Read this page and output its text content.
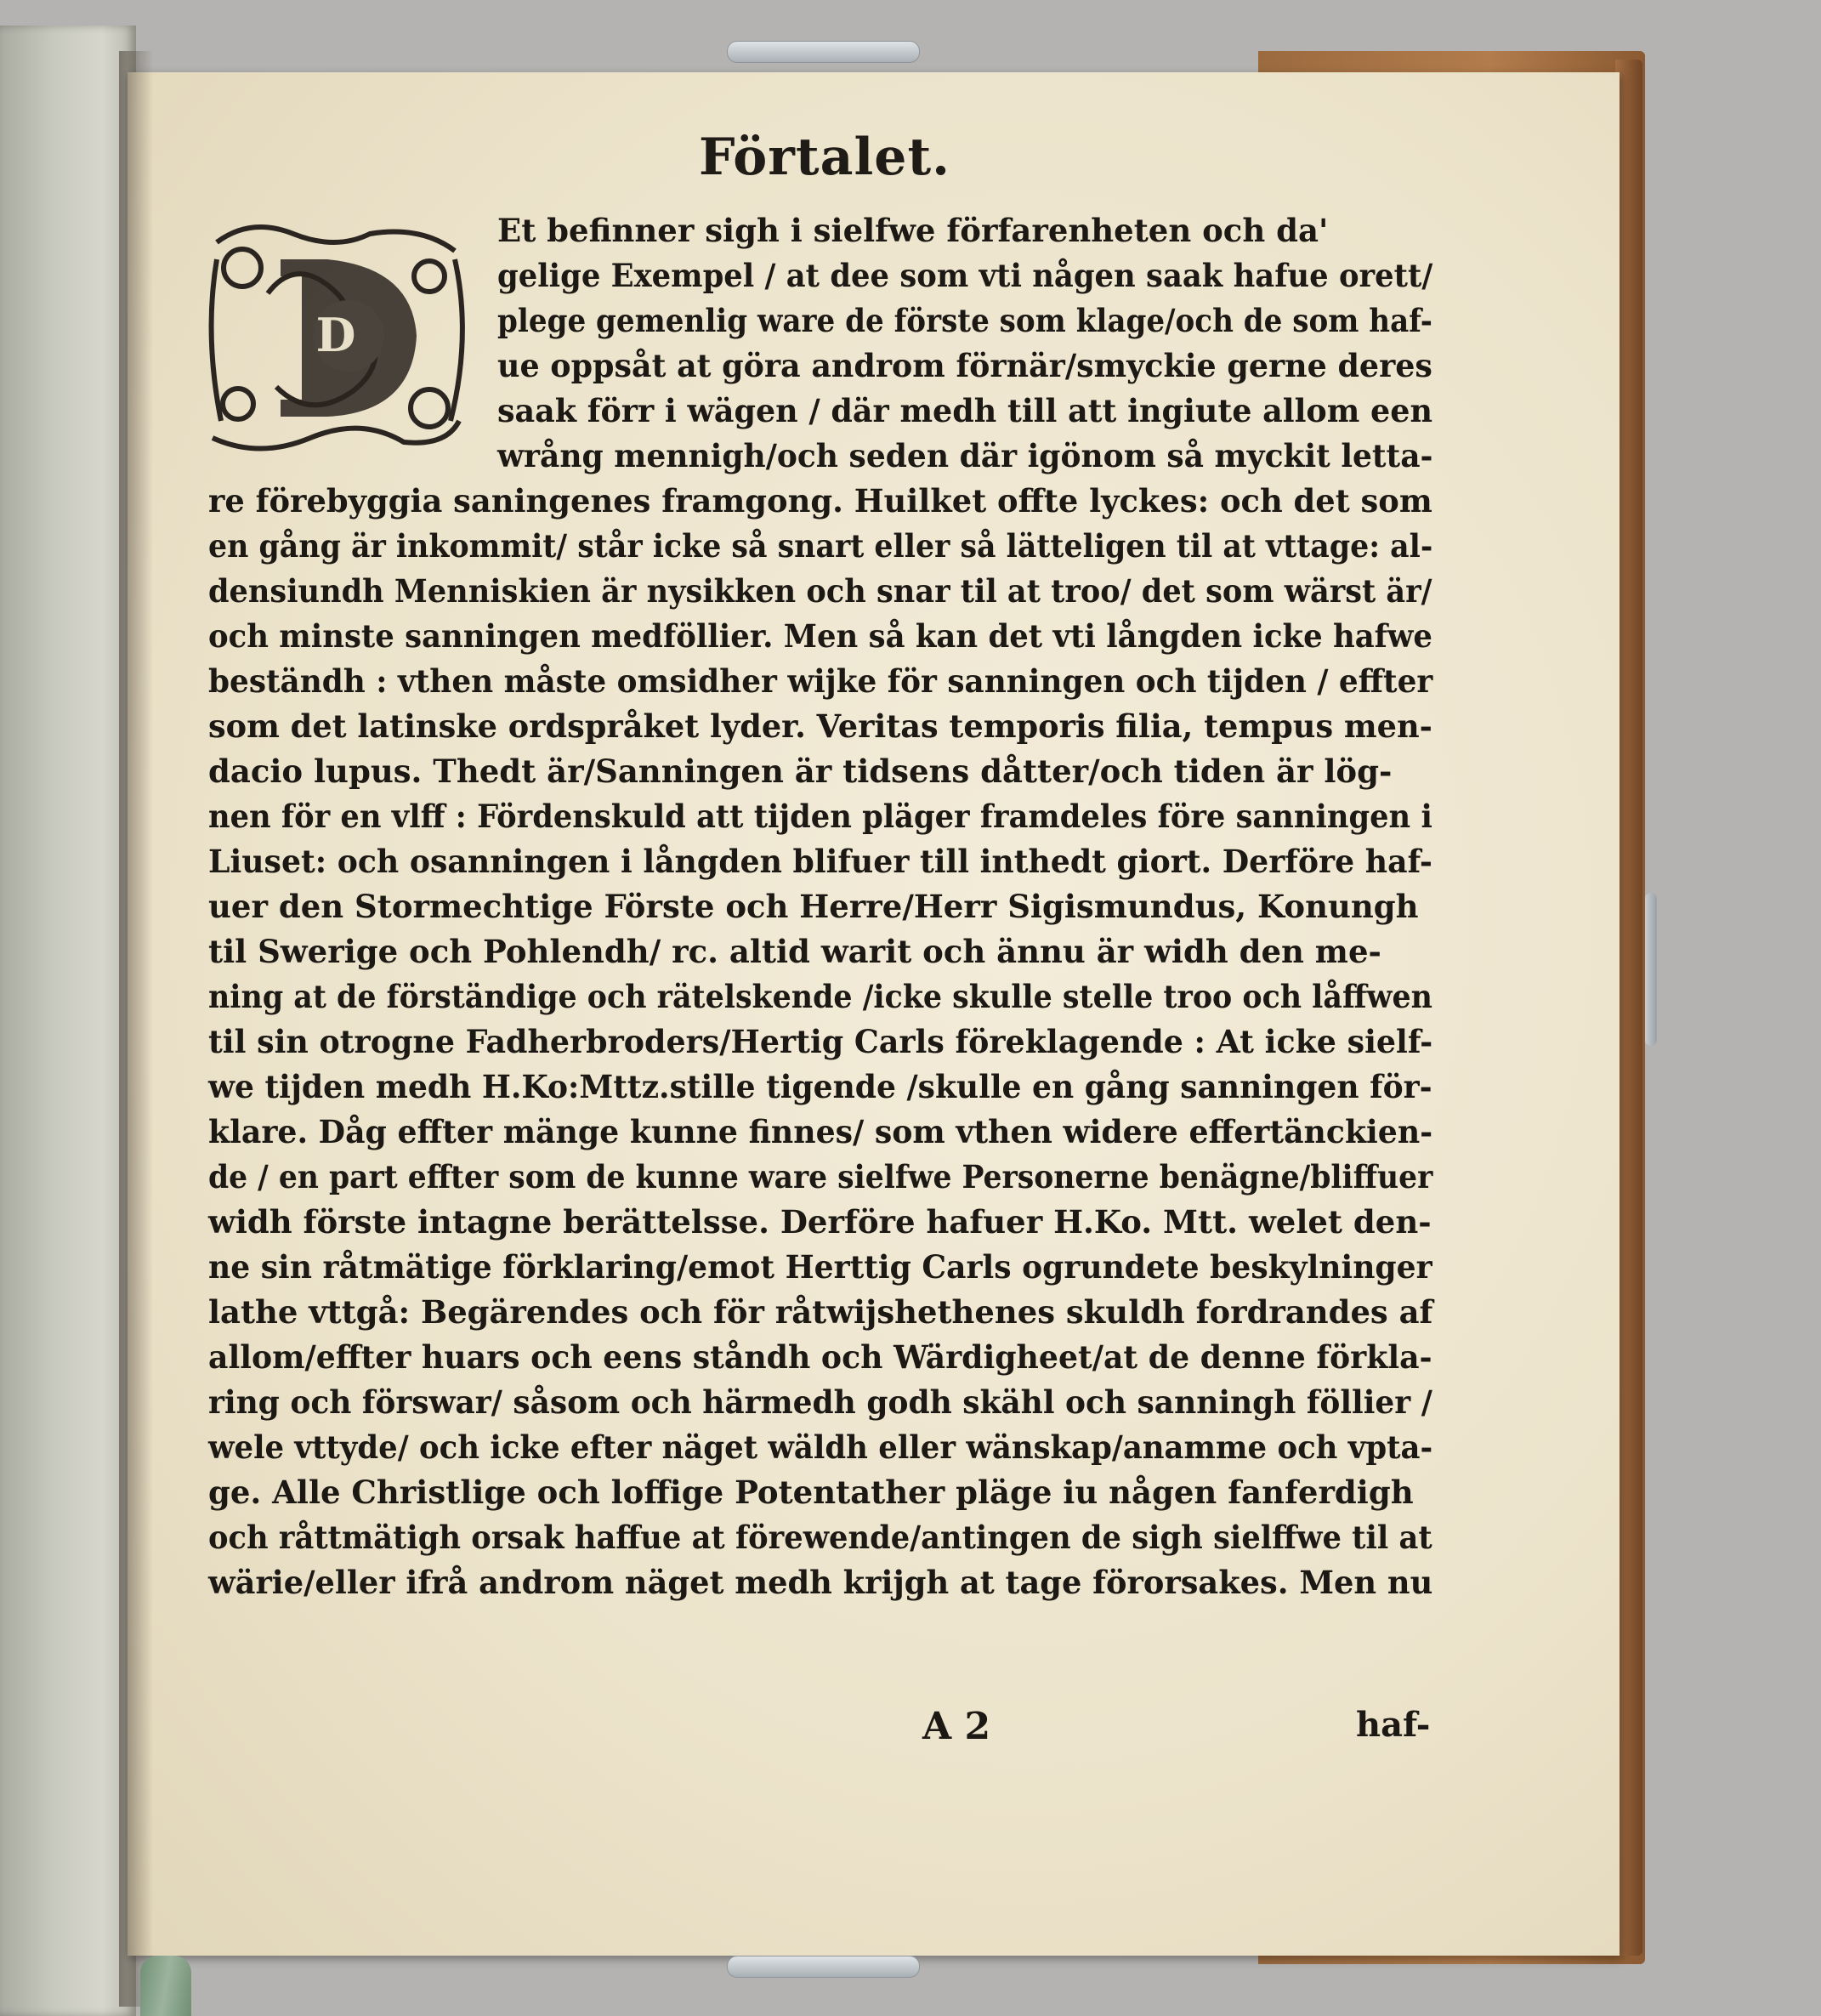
Förtalet.
D
Et befinner sigh i sielfwe förfarenheten och da'
gelige Exempel / at dee som vti någen saak hafue orett/
plege gemenlig ware de förste som klage/och de som haf-
ue oppsåt at göra androm förnär/smyckie gerne deres
saak förr i wägen / där medh till att ingiute allom een
wrång mennigh/och seden där igönom så myckit letta-
re förebyggia saningenes framgong. Huilket offte lyckes: och det som
en gång är inkommit/ står icke så snart eller så lätteligen til at vttage: al-
densiundh Menniskien är nysikken och snar til at troo/ det som wärst är/
och minste sanningen medföllier. Men så kan det vti långden icke hafwe
beständh : vthen måste omsidher wijke för sanningen och tijden / effter
som det latinske ordspråket lyder. Veritas temporis filia, tempus men-
dacio lupus. Thedt är/Sanningen är tidsens dåtter/och tiden är lög-
nen för en vlff : Fördenskuld att tijden pläger framdeles före sanningen i
Liuset: och osanningen i långden blifuer till inthedt giort. Derföre haf-
uer den Stormechtige Förste och Herre/Herr Sigismundus, Konungh
til Swerige och Pohlendh/ rc. altid warit och ännu är widh den me-
ning at de förständige och rätelskende /icke skulle stelle troo och låffwen
til sin otrogne Fadherbroders/Hertig Carls föreklagende : At icke sielf-
we tijden medh H.Ko:Mttz.stille tigende /skulle en gång sanningen för-
klare. Dåg effter mänge kunne finnes/ som vthen widere effertänckien-
de / en part effter som de kunne ware sielfwe Personerne benägne/bliffuer
widh förste intagne berättelsse. Derföre hafuer H.Ko. Mtt. welet den-
ne sin råtmätige förklaring/emot Herttig Carls ogrundete beskylninger
lathe vttgå: Begärendes och för råtwijshethenes skuldh fordrandes af
allom/effter huars och eens ståndh och Wärdigheet/at de denne förkla-
ring och förswar/ såsom och härmedh godh skähl och sanningh föllier /
wele vttyde/ och icke efter näget wäldh eller wänskap/anamme och vpta-
ge. Alle Christlige och loffige Potentather pläge iu någen fanferdigh
och råttmätigh orsak haffue at förewende/antingen de sigh sielffwe til at
wärie/eller ifrå androm näget medh krijgh at tage förorsakes. Men nu
A 2	haf-
